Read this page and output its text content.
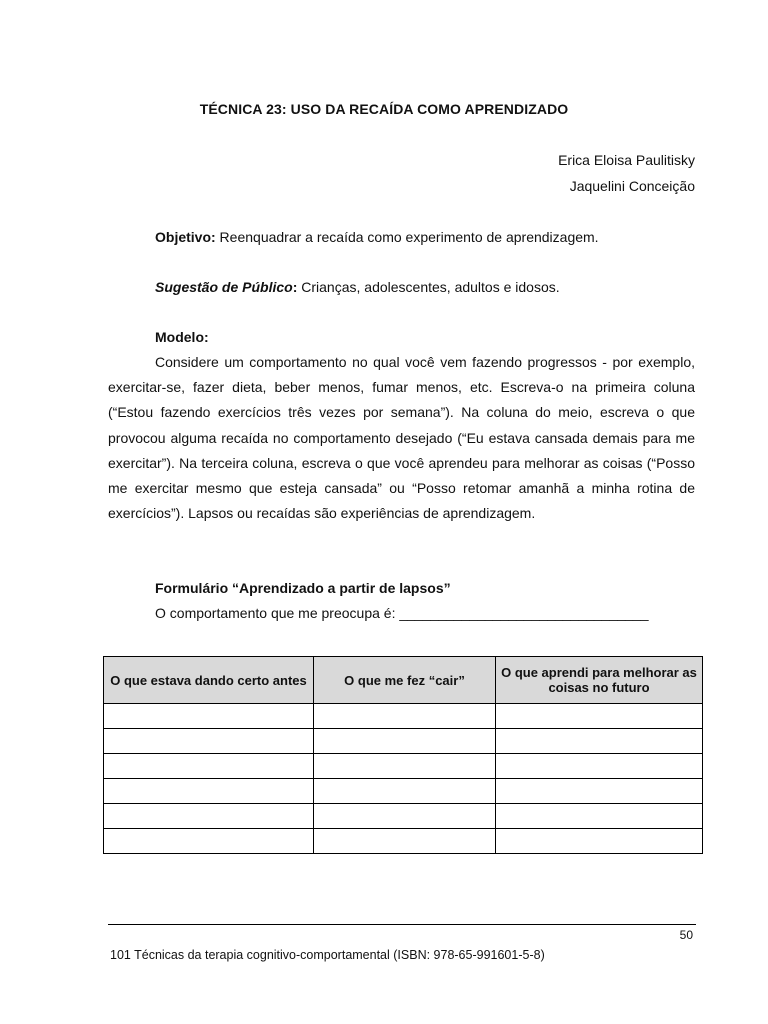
TÉCNICA 23: USO DA RECAÍDA COMO APRENDIZADO
Erica Eloisa Paulitisky
Jaquelini Conceição
Objetivo: Reenquadrar a recaída como experimento de aprendizagem.
Sugestão de Público: Crianças, adolescentes, adultos e idosos.
Modelo:

Considere um comportamento no qual você vem fazendo progressos - por exemplo, exercitar-se, fazer dieta, beber menos, fumar menos, etc. Escreva-o na primeira coluna (“Estou fazendo exercícios três vezes por semana”). Na coluna do meio, escreva o que provocou alguma recaída no comportamento desejado (“Eu estava cansada demais para me exercitar”). Na terceira coluna, escreva o que você aprendeu para melhorar as coisas (“Posso me exercitar mesmo que esteja cansada” ou “Posso retomar amanhã a minha rotina de exercícios”). Lapsos ou recaídas são experiências de aprendizagem.

Formulário “Aprendizado a partir de lapsos”
O comportamento que me preocupa é: ________________________________
O que estava dando certo antes	O que me fez “cair”	O que aprendi para melhorar as coisas no futuro

50
101 Técnicas da terapia cognitivo-comportamental (ISBN: 978-65-991601-5-8)
